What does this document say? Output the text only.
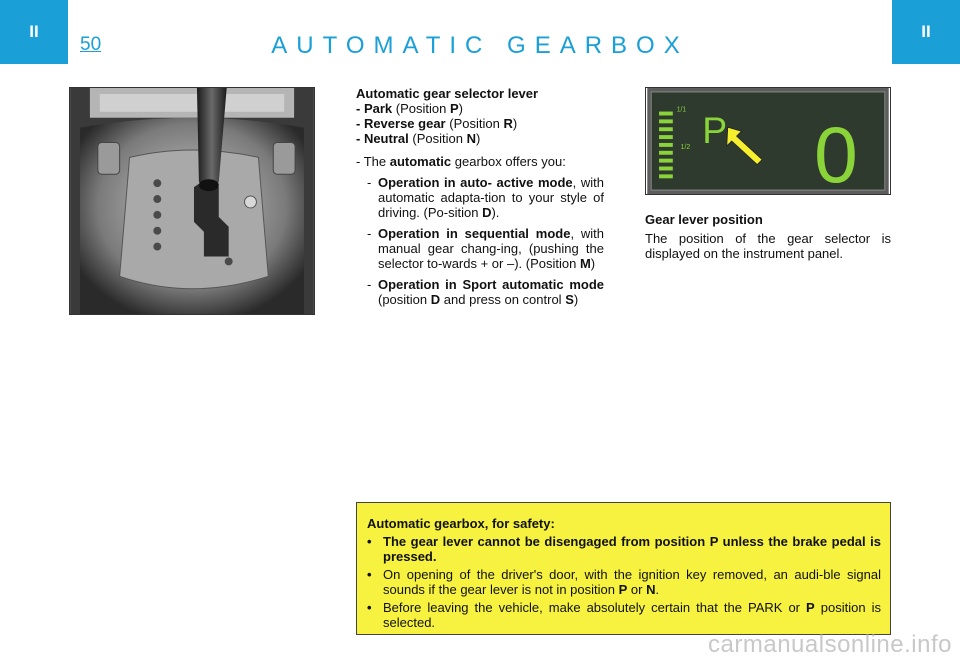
II
50	AUTOMATIC GEARBOX
II
Automatic gear selector lever
- Park (Position P)
- Reverse gear (Position R)
- Neutral (Position N)
- The automatic gearbox offers you:
- Operation in auto- active mode, with automatic adapta-tion to your style of driving. (Po-sition D).
- Operation in sequential mode, with manual gear chang-ing, (pushing the selector to-wards + or –). (Position M)
- Operation in Sport automatic mode (position D and press on control S)
1/1
1/2 P 0
Gear lever position
The position of the gear selector is displayed on the instrument panel.
Automatic gearbox, for safety:
• The gear lever cannot be disengaged from position P unless the brake pedal is pressed.
• On opening of the driver's door, with the ignition key removed, an audi-ble signal sounds if the gear lever is not in position P or N.
• Before leaving the vehicle, make absolutely certain that the PARK or P position is selected.
carmanualsonline.info
